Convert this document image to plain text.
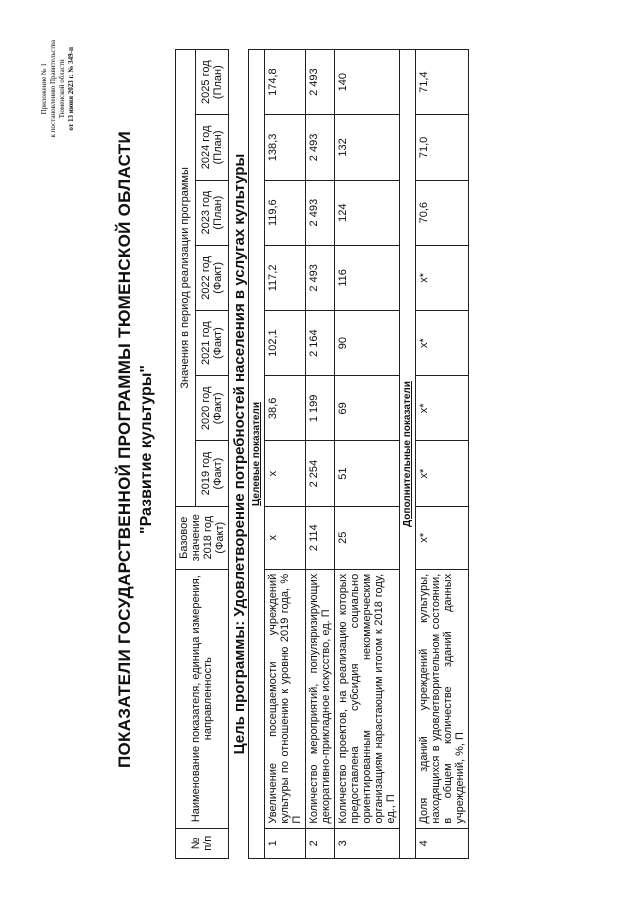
Приложение № 1 к постановлению Правительства Тюменской области от 13 июня 2023 г. № 349-п
ПОКАЗАТЕЛИ ГОСУДАРСТВЕННОЙ ПРОГРАММЫ ТЮМЕНСКОЙ ОБЛАСТИ "Развитие культуры"
№ п/п	Наименование показателя, единица измерения, направленность	Базовое значение 2018 год (Факт)	Значения в период реализации программы						
			2019 год (Факт)	2020 год (Факт)	2021 год (Факт)	2022 год (Факт)	2023 год (План)	2024 год (План)	2025 год (План)
Цель программы: Удовлетворение потребностей населения в услугах культуры									
Целевые показатели									
1	Увеличение посещаемости учреждений культуры по отношению к уровню 2019 года, % П	x	x	38,6	102,1	117,2	119,6	138,3	174,8
2	Количество мероприятий, популяризирующих декоративно-прикладное искусство, ед. П	2 114	2 254	1 199	2 164	2 493	2 493	2 493	2 493
3	Количество проектов, на реализацию которых предоставлена субсидия социально ориентированным некоммерческим организациям нарастающим итогом к 2018 году, ед., П	25	51	69	90	116	124	132	140
Дополнительные показатели									
4	Доля зданий учреждений культуры, находящихся в удовлетворительном состоянии, в общем количестве зданий данных учреждений, %, П	x*	x*	x*	x*	x*	70,6	71,0	71,4
